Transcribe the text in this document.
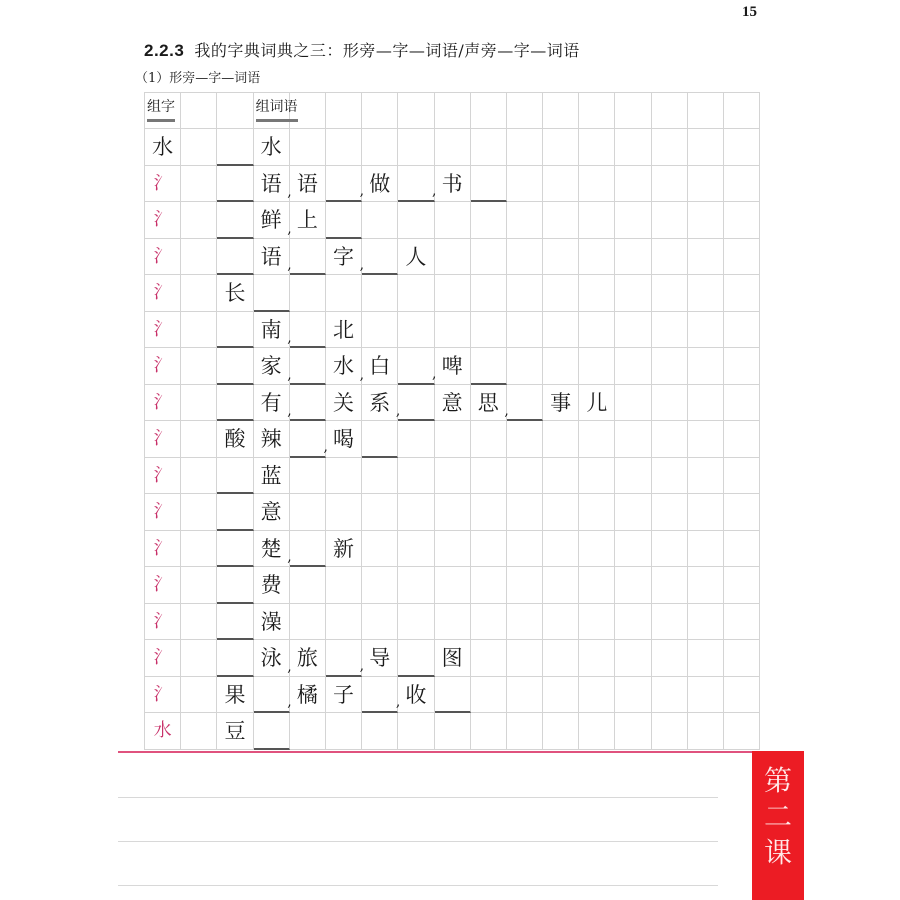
15
2.2.3 我的字典词典之三：形旁—字—词语/声旁—字—词语
（1）形旁—字—词语
组字	组词语
水	水
氵	语 , 语	, 做	, 书
氵	鲜 , 上
氵	语 ,	字 ,	人
氵	长
氵	南 ,	北
氵	家 ,	水 , 白	, 啤
氵	有 ,	关 系 ,	意 思 ,	事 儿
氵	酸 辣	, 喝
氵	蓝
氵	意
氵	楚 ,	新
氵	费
氵	澡
氵	泳 , 旅	, 导	图
氵	果	, 橘 子	, 收
水	豆
第
二
课
